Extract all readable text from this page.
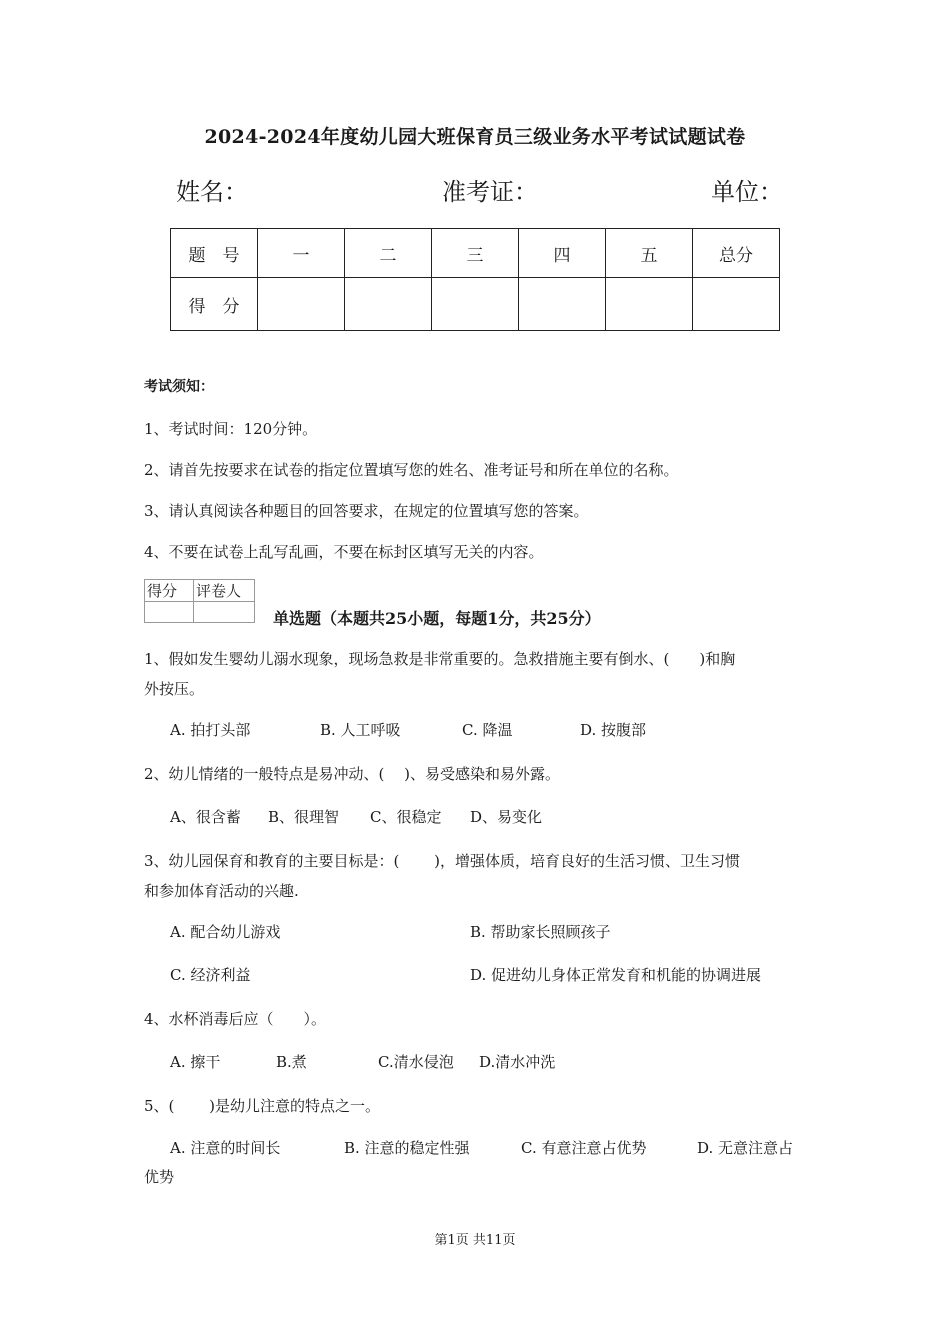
2024-2024年度幼儿园大班保育员三级业务水平考试试题试卷
姓名：	准考证：	单位：
题　号	一	二	三	四	五	总分
得　分						
考试须知：
1、考试时间：120分钟。
2、请首先按要求在试卷的指定位置填写您的姓名、准考证号和所在单位的名称。
3、请认真阅读各种题目的回答要求，在规定的位置填写您的答案。
4、不要在试卷上乱写乱画，不要在标封区填写无关的内容。
得分	评卷人

单选题（本题共25小题，每题1分，共25分）
1、假如发生婴幼儿溺水现象，现场急救是非常重要的。急救措施主要有倒水、(　　)和胸
外按压。
A. 拍打头部	B. 人工呼吸	C. 降温	D. 按腹部
2、幼儿情绪的一般特点是易冲动、(　 )、易受感染和易外露。
A、很含蓄 B、很理智 C、很稳定 D、易变化
3、幼儿园保育和教育的主要目标是：(　　 )，增强体质，培育良好的生活习惯、卫生习惯
和参加体育活动的兴趣.
A. 配合幼儿游戏	B. 帮助家长照顾孩子
C. 经济利益	D. 促进幼儿身体正常发育和机能的协调进展
4、水杯消毒后应（　　）。
A. 擦干	B.煮	C.清水侵泡 D.清水冲洗
5、(　　 )是幼儿注意的特点之一。
A. 注意的时间长	B. 注意的稳定性强	C. 有意注意占优势	D. 无意注意占
优势
第1页 共11页
